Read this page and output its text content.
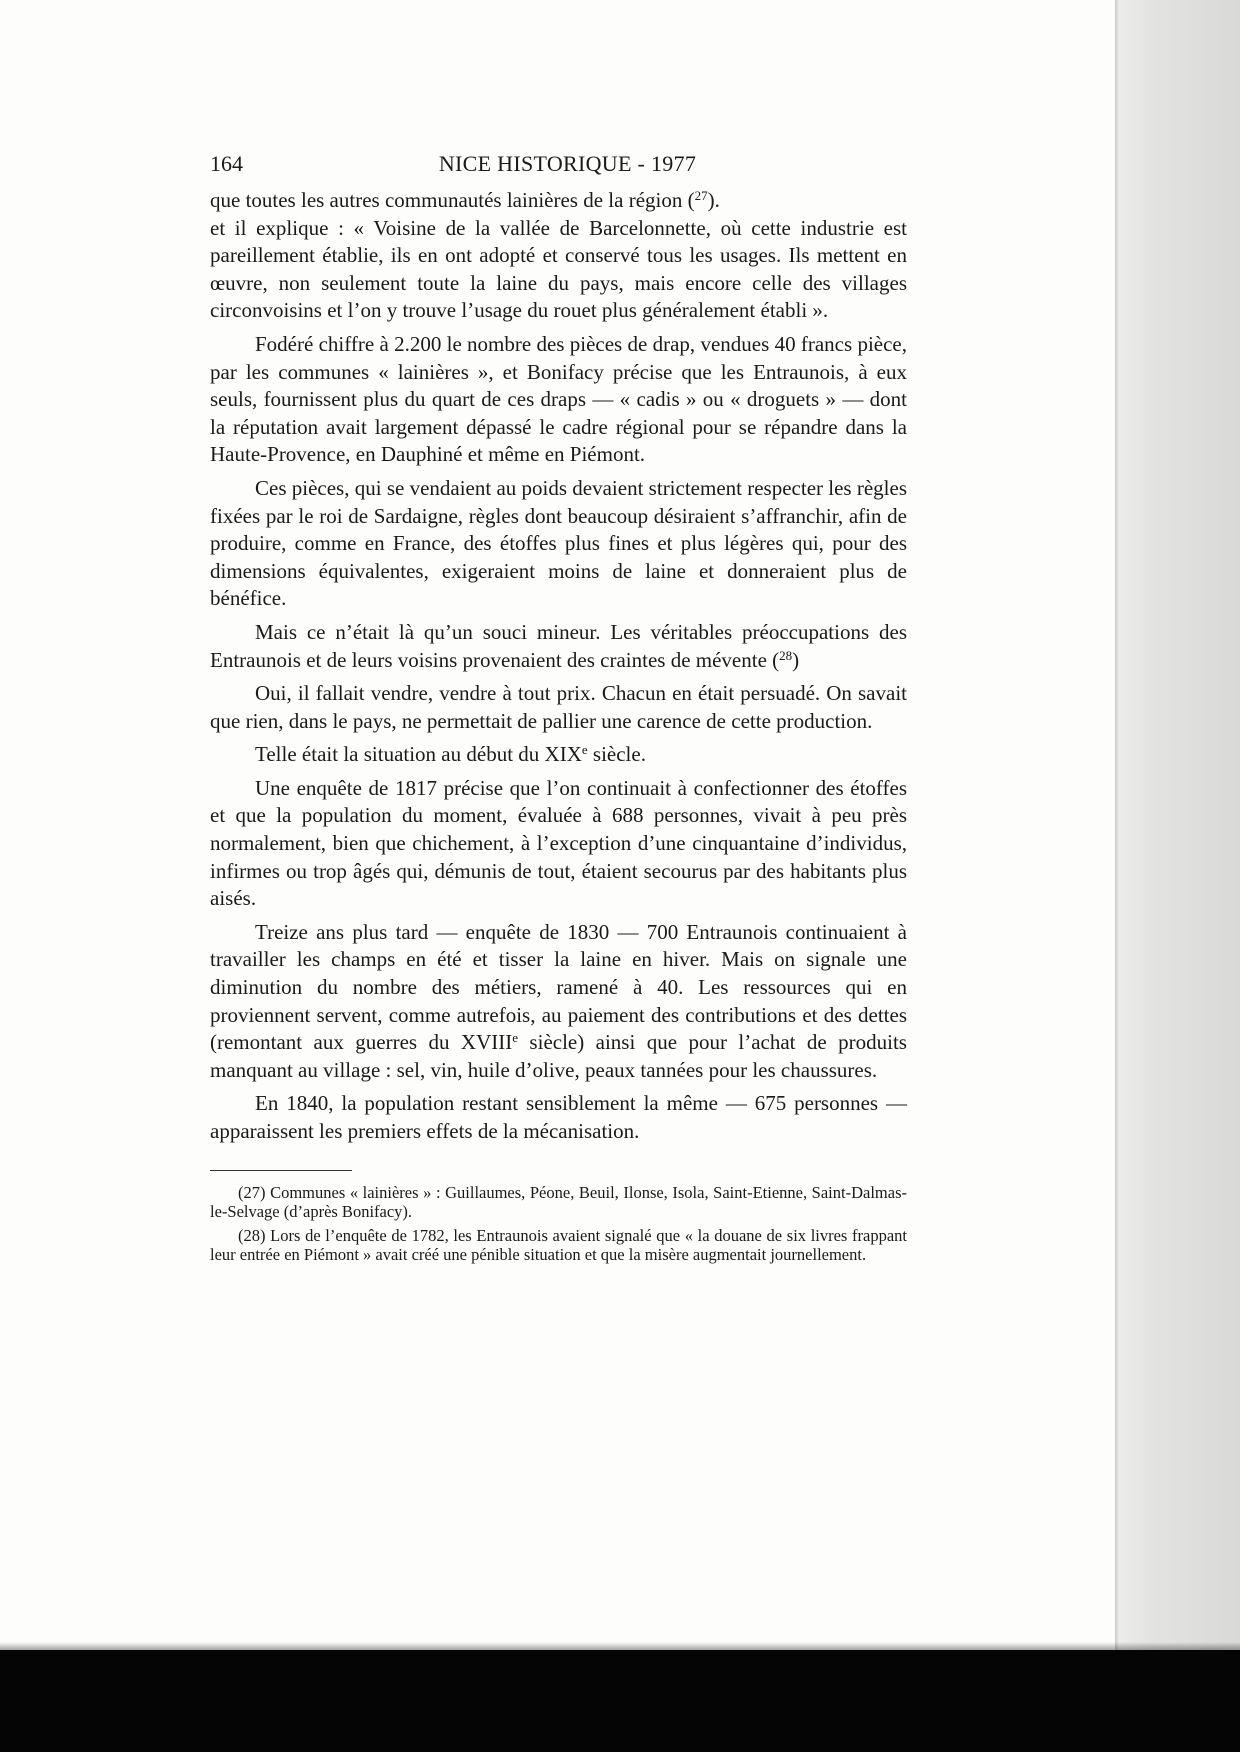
164	NICE HISTORIQUE - 1977

que toutes les autres communautés lainières de la région ($^{27}$).
et il explique : « Voisine de la vallée de Barcelonnette, où cette industrie est pareillement établie, ils en ont adopté et conservé tous les usages. Ils mettent en œuvre, non seulement toute la laine du pays, mais encore celle des villages circonvoisins et l’on y trouve l’usage du rouet plus généralement établi ».

Fodéré chiffre à 2.200 le nombre des pièces de drap, vendues 40 francs pièce, par les communes « lainières », et Bonifacy précise que les Entraunois, à eux seuls, fournissent plus du quart de ces draps — « cadis » ou « droguets » — dont la réputation avait largement dépassé le cadre régional pour se répandre dans la Haute-Provence, en Dauphiné et même en Piémont.

Ces pièces, qui se vendaient au poids devaient strictement respecter les règles fixées par le roi de Sardaigne, règles dont beaucoup désiraient s’affranchir, afin de produire, comme en France, des étoffes plus fines et plus légères qui, pour des dimensions équivalentes, exigeraient moins de laine et donneraient plus de bénéfice.

Mais ce n’était là qu’un souci mineur. Les véritables préoccupations des Entraunois et de leurs voisins provenaient des craintes de mévente ($^{28}$)

Oui, il fallait vendre, vendre à tout prix. Chacun en était persuadé. On savait que rien, dans le pays, ne permettait de pallier une carence de cette production.

Telle était la situation au début du XIXe siècle.

Une enquête de 1817 précise que l’on continuait à confectionner des étoffes et que la population du moment, évaluée à 688 personnes, vivait à peu près normalement, bien que chichement, à l’exception d’une cinquantaine d’individus, infirmes ou trop âgés qui, démunis de tout, étaient secourus par des habitants plus aisés.

Treize ans plus tard — enquête de 1830 — 700 Entraunois continuaient à travailler les champs en été et tisser la laine en hiver. Mais on signale une diminution du nombre des métiers, ramené à 40. Les ressources qui en proviennent servent, comme autrefois, au paiement des contributions et des dettes (remontant aux guerres du XVIIIe siècle) ainsi que pour l’achat de produits manquant au village : sel, vin, huile d’olive, peaux tannées pour les chaussures.

En 1840, la population restant sensiblement la même — 675 personnes — apparaissent les premiers effets de la mécanisation.

(27) Communes « lainières » : Guillaumes, Péone, Beuil, Ilonse, Isola, Saint-Etienne, Saint-Dalmas-le-Selvage (d’après Bonifacy).

(28) Lors de l’enquête de 1782, les Entraunois avaient signalé que « la douane de six livres frappant leur entrée en Piémont » avait créé une pénible situation et que la misère augmentait journellement.
